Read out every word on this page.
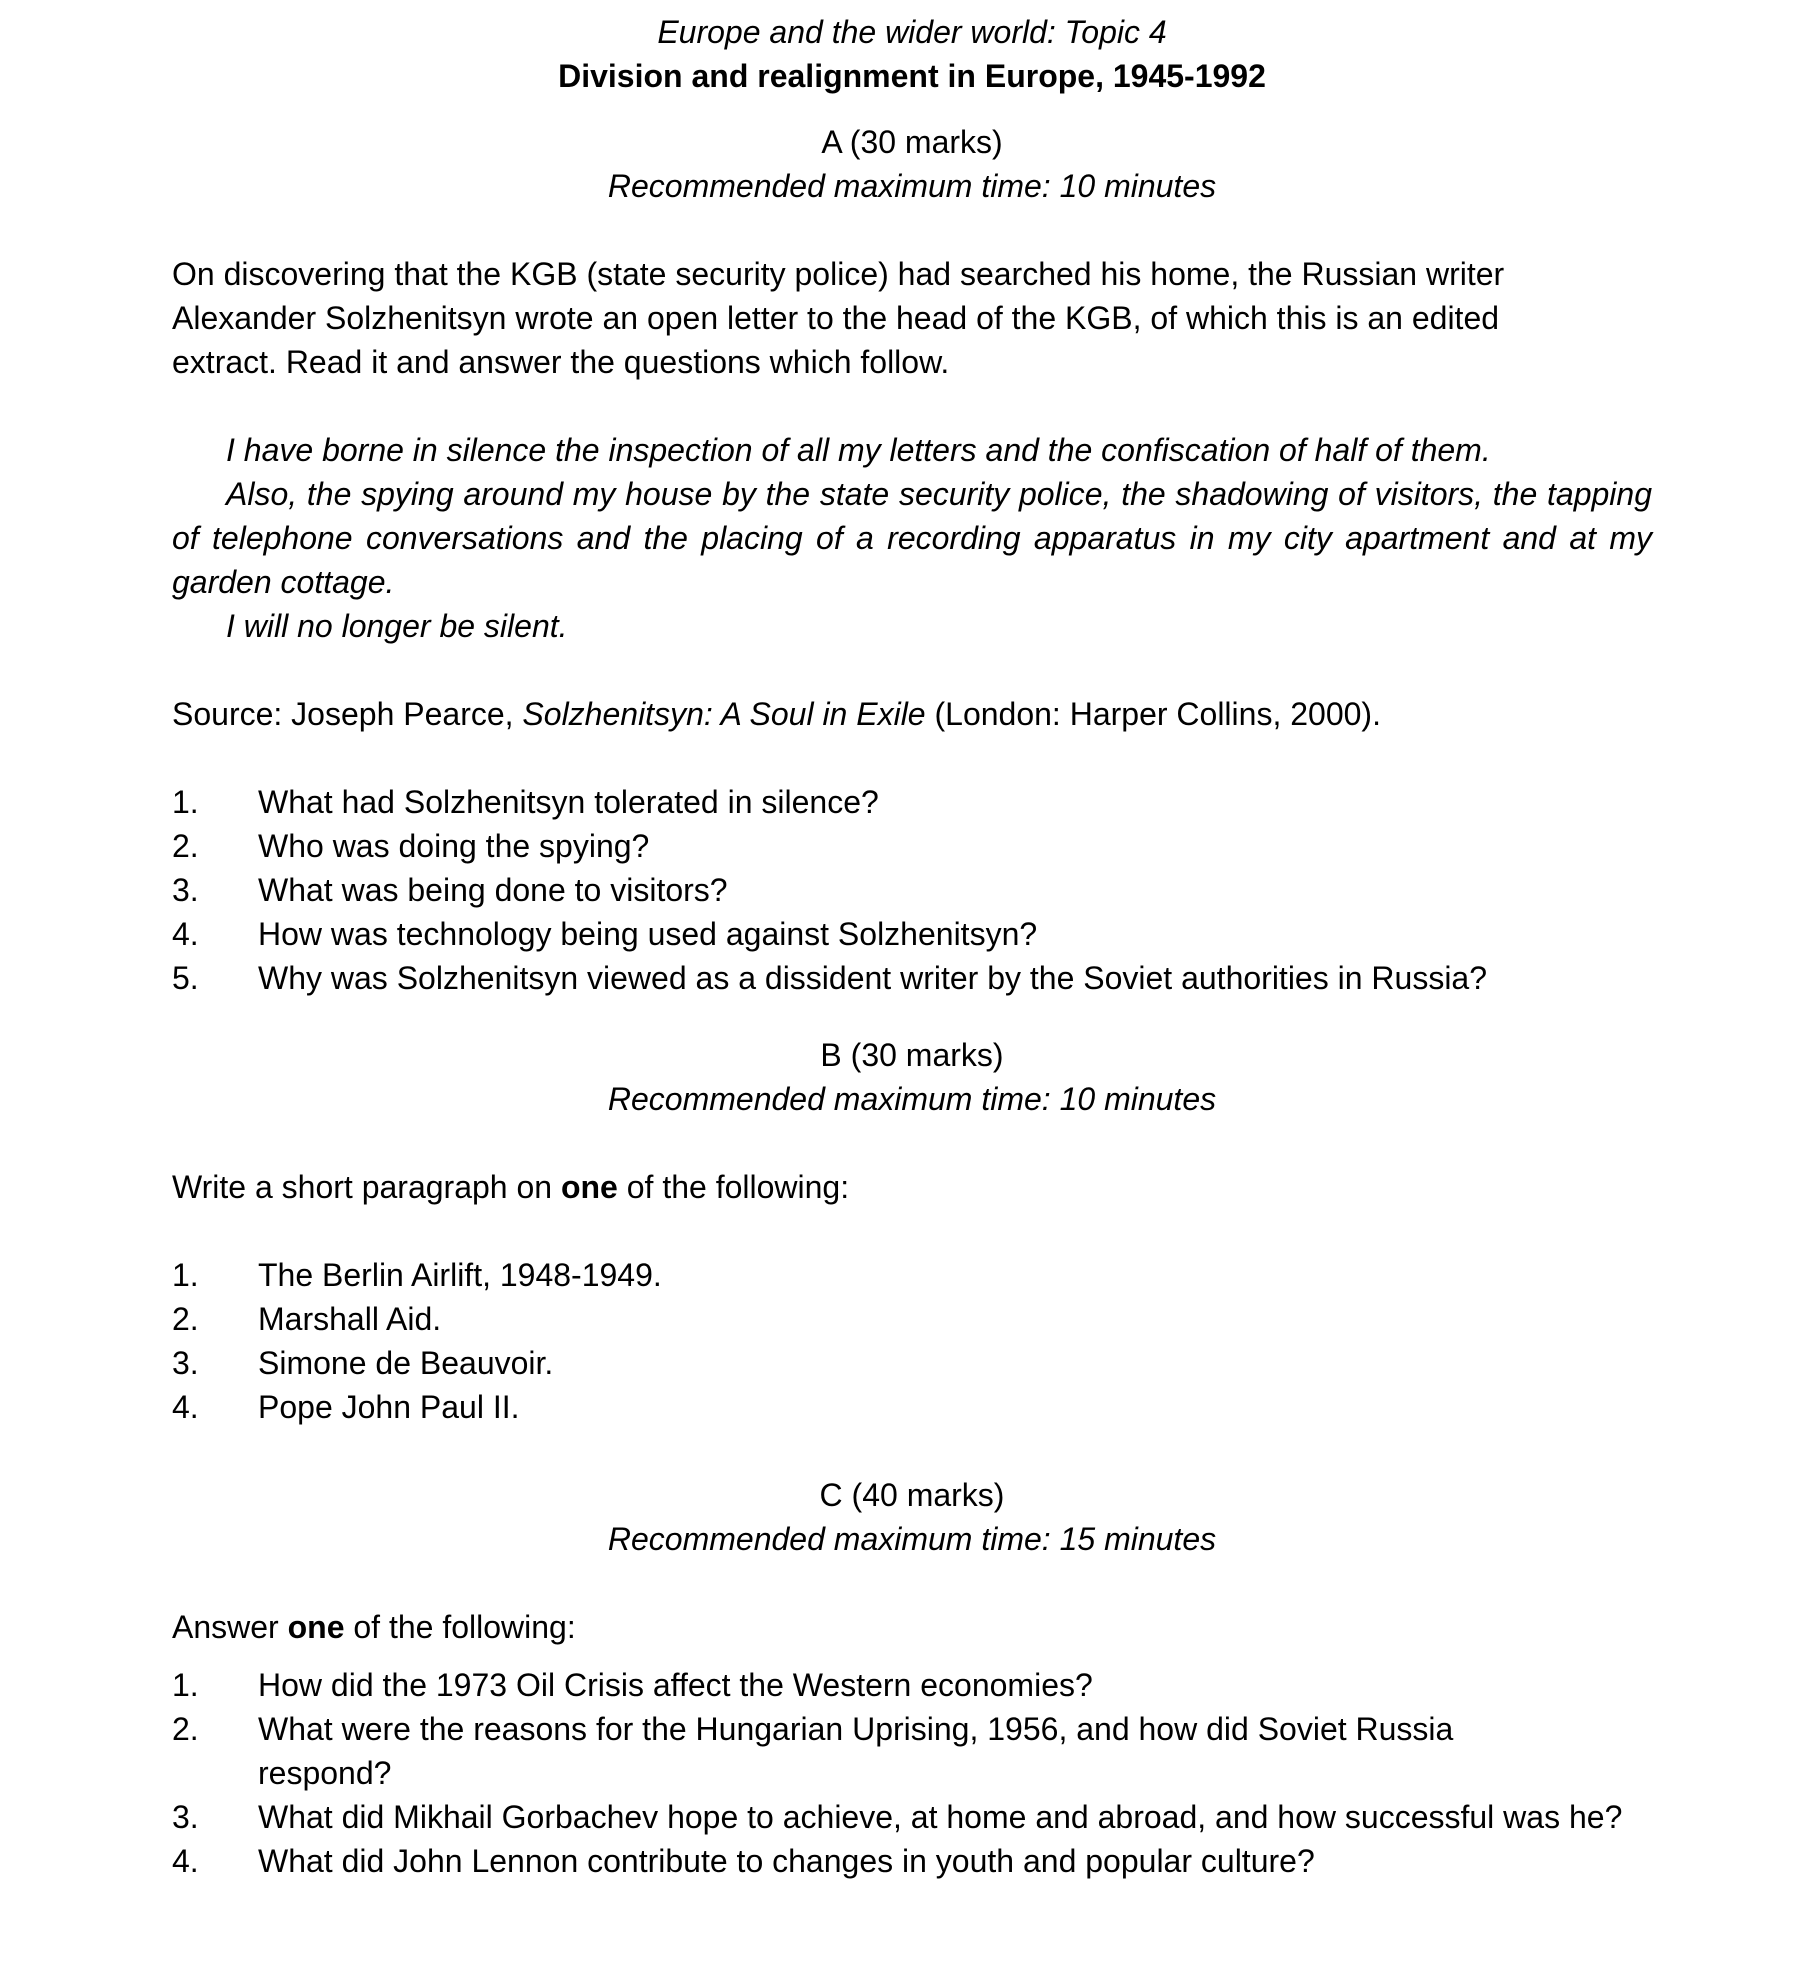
Europe and the wider world: Topic 4

Division and realignment in Europe, 1945-1992

A (30 marks)

Recommended maximum time: 10 minutes

On discovering that the KGB (state security police) had searched his home, the Russian writer Alexander Solzhenitsyn wrote an open letter to the head of the KGB, of which this is an edited extract. Read it and answer the questions which follow.

I have borne in silence the inspection of all my letters and the confiscation of half of them.

Also, the spying around my house by the state security police, the shadowing of visitors, the tapping of telephone conversations and the placing of a recording apparatus in my city apartment and at my garden cottage.

I will no longer be silent.

Source: Joseph Pearce, Solzhenitsyn: A Soul in Exile (London: Harper Collins, 2000).

1.	What had Solzhenitsyn tolerated in silence?
2.	Who was doing the spying?
3.	What was being done to visitors?
4.	How was technology being used against Solzhenitsyn?
5.	Why was Solzhenitsyn viewed as a dissident writer by the Soviet authorities in Russia?

B (30 marks)

Recommended maximum time: 10 minutes

Write a short paragraph on one of the following:

1.	The Berlin Airlift, 1948-1949.
2.	Marshall Aid.
3.	Simone de Beauvoir.
4.	Pope John Paul II.

C (40 marks)

Recommended maximum time: 15 minutes

Answer one of the following:

1.	How did the 1973 Oil Crisis affect the Western economies?
2.	What were the reasons for the Hungarian Uprising, 1956, and how did Soviet Russia respond?
3.	What did Mikhail Gorbachev hope to achieve, at home and abroad, and how successful was he?
4.	What did John Lennon contribute to changes in youth and popular culture?
